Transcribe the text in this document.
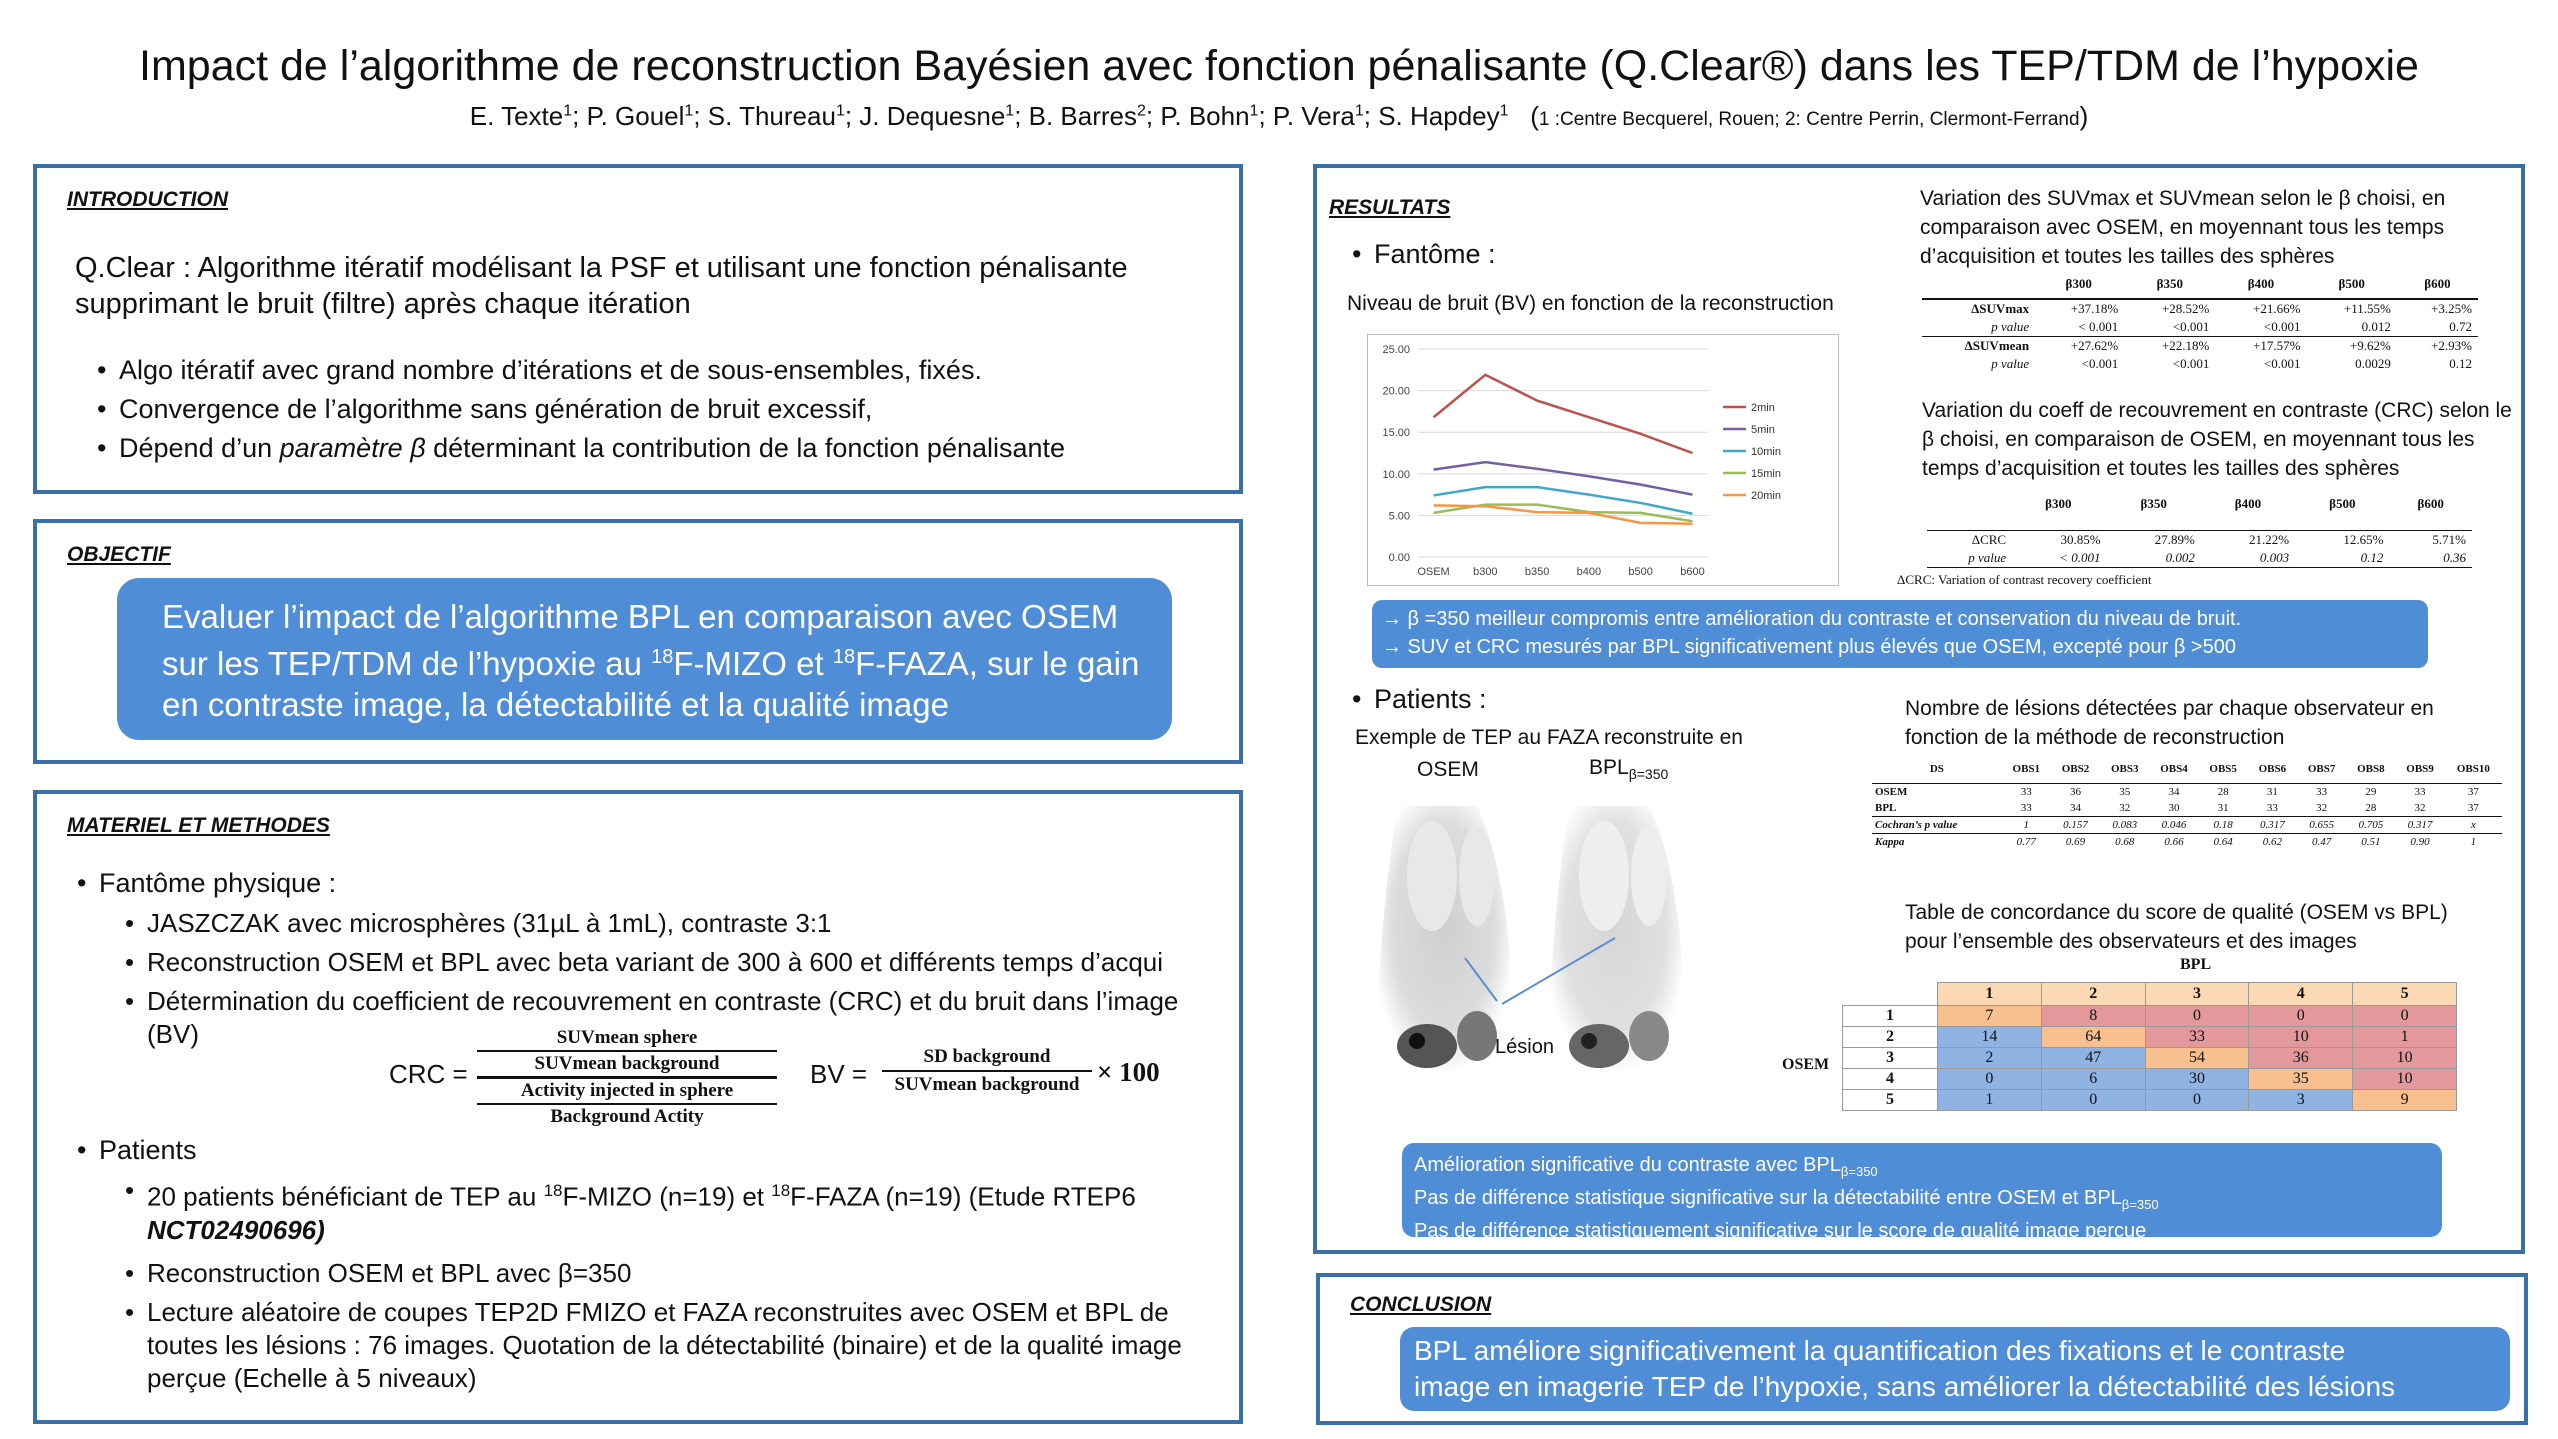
Impact de l’algorithme de reconstruction Bayésien avec fonction pénalisante (Q.Clear®) dans les TEP/TDM de l’hypoxie
E. Texte$^1$; P. Gouel$^1$; S. Thureau$^1$; J. Dequesne$^1$; B. Barres$^2$; P. Bohn$^1$; P. Vera$^1$; S. Hapdey$^1$   (1 :Centre Becquerel, Rouen; 2: Centre Perrin, Clermont-Ferrand)
INTRODUCTION
Q.Clear : Algorithme itératif modélisant la PSF et utilisant une fonction pénalisante supprimant le bruit (filtre) après chaque itération
• Algo itératif avec grand nombre d’itérations et de sous-ensembles, fixés.
• Convergence de l’algorithme sans génération de bruit excessif,
• Dépend d’un paramètre β déterminant la contribution de la fonction pénalisante
OBJECTIF
Evaluer l’impact de l’algorithme BPL en comparaison avec OSEM
sur les TEP/TDM de l’hypoxie au $^{18}$F-MIZO et $^{18}$F-FAZA, sur le gain
en contraste image, la détectabilité et la qualité image
MATERIEL ET METHODES
• Fantôme physique :
• JASZCZAK avec microsphères (31µL à 1mL), contraste 3:1
• Reconstruction OSEM et BPL avec beta variant de 300 à 600 et différents temps d’acqui
• Détermination du coefficient de recouvrement en contraste (CRC) et du bruit dans l’image (BV)
CRC =
SUVmean sphere
SUVmean background
Activity injected in sphere
Background Actity
BV =
SD background
SUVmean background × 100
• Patients
• 20 patients bénéficiant de TEP au $^{18}$F-MIZO (n=19) et $^{18}$F-FAZA (n=19) (Etude RTEP6 NCT02490696)
• Reconstruction OSEM et BPL avec β=350
• Lecture aléatoire de coupes TEP2D FMIZO et FAZA reconstruites avec OSEM et BPL de toutes les lésions : 76 images. Quotation de la détectabilité (binaire) et de la qualité image perçue (Echelle à 5 niveaux)
RESULTATS
• Fantôme :
Niveau de bruit (BV) en fonction de la reconstruction
0.00
5.00
10.00
15.00
20.00
25.00
OSEM b300 b350 b400 b500 b600
2min
5min
10min
15min
20min
Variation des SUVmax et SUVmean selon le β choisi, en comparaison avec OSEM, en moyennant tous les temps d’acquisition et toutes les tailles des sphères
	β300	β350	β400	β500	β600
ΔSUVmax	+37.18%	+28.52%	+21.66%	+11.55%	+3.25%
p value	< 0.001	<0.001	<0.001	0.012	0.72
ΔSUVmean	+27.62%	+22.18%	+17.57%	+9.62%	+2.93%
p value	<0.001	<0.001	<0.001	0.0029	0.12
Variation du coeff de recouvrement en contraste (CRC) selon le β choisi, en comparaison de OSEM, en moyennant tous les temps d’acquisition et toutes les tailles des sphères
	β300	β350	β400	β500	β600
ΔCRC	30.85%	27.89%	21.22%	12.65%	5.71%
p value	< 0.001	0.002	0.003	0.12	0.36
ΔCRC: Variation of contrast recovery coefficient
→ β =350 meilleur compromis entre amélioration du contraste et conservation du niveau de bruit.
→ SUV et CRC mesurés par BPL significativement plus élevés que OSEM, excepté pour β >500
• Patients :
Exemple de TEP au FAZA reconstruite en
OSEM	$BPL_{\beta=350}$
Lésion
Nombre de lésions détectées par chaque observateur en fonction de la méthode de reconstruction
DS	OBS1	OBS2	OBS3	OBS4	OBS5	OBS6	OBS7	OBS8	OBS9	OBS10
OSEM	33	36	35	34	28	31	33	29	33	37
BPL	33	34	32	30	31	33	32	28	32	37
Cochran’s p value	1	0.157	0.083	0.046	0.18	0.317	0.655	0.705	0.317	x
Kappa	0.77	0.69	0.68	0.66	0.64	0.62	0.47	0.51	0.90	1
Table de concordance du score de qualité (OSEM vs BPL) pour l’ensemble des observateurs et des images
BPL
OSEM
	1	2	3	4	5
1	7	8	0	0	0
2	14	64	33	10	1
3	2	47	54	36	10
4	0	6	30	35	10
5	1	0	0	3	9
Amélioration significative du contraste avec $BPL_{\beta=350}$
Pas de différence statistique significative sur la détectabilité entre OSEM et $BPL_{\beta=350}$
Pas de différence statistiquement significative sur le score de qualité image perçue
CONCLUSION
BPL améliore significativement la quantification des fixations et le contraste
image en imagerie TEP de l’hypoxie, sans améliorer la détectabilité des lésions
